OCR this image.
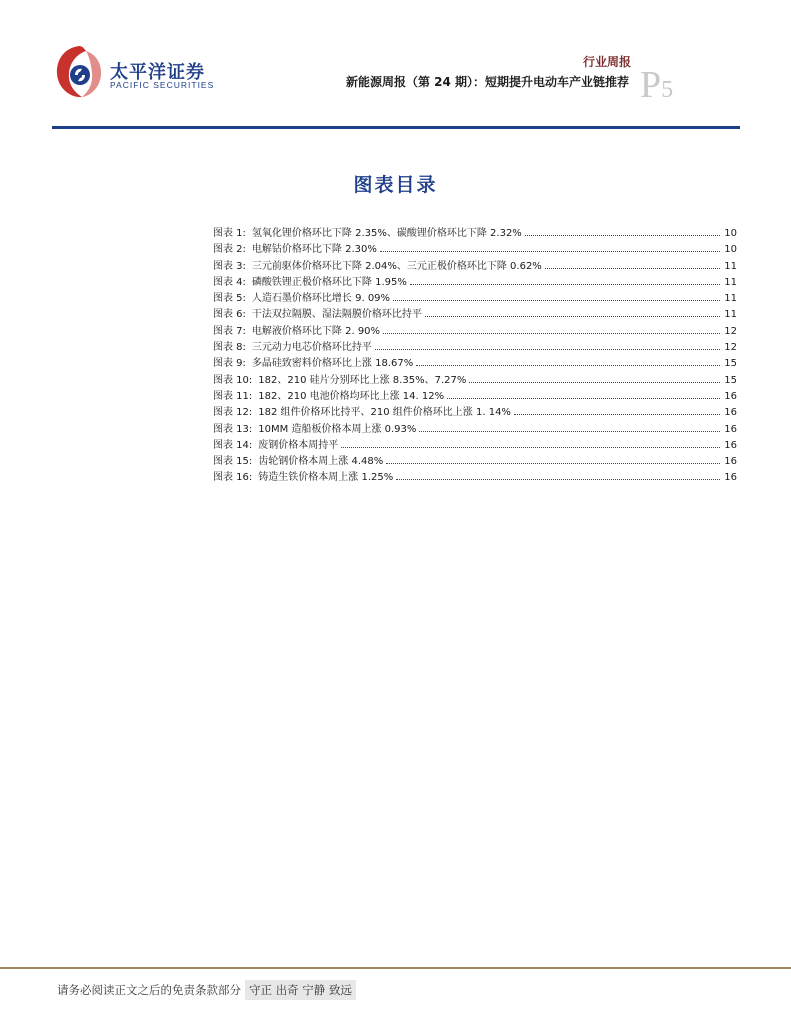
太平洋证券
PACIFIC SECURITIES
行业周报
新能源周报（第 24 期）：短期提升电动车产业链推荐 P5
图表目录
图表 1: 氢氧化锂价格环比下降 2.35%、碳酸锂价格环比下降 2.32%	10
图表 2: 电解钴价格环比下降 2.30%	10
图表 3: 三元前驱体价格环比下降 2.04%、三元正极价格环比下降 0.62%	11
图表 4: 磷酸铁锂正极价格环比下降 1.95%	11
图表 5: 人造石墨价格环比增长 9. 09%	11
图表 6: 干法双拉隔膜、湿法隔膜价格环比持平	11
图表 7: 电解液价格环比下降 2. 90%	12
图表 8: 三元动力电芯价格环比持平	12
图表 9: 多晶硅致密料价格环比上涨 18.67%	15
图表 10: 182、210 硅片分别环比上涨 8.35%、7.27%	15
图表 11: 182、210 电池价格均环比上涨 14. 12%	16
图表 12: 182 组件价格环比持平、210 组件价格环比上涨 1. 14%	16
图表 13: 10MM 造船板价格本周上涨 0.93%	16
图表 14: 废钢价格本周持平	16
图表 15: 齿轮钢价格本周上涨 4.48%	16
图表 16: 铸造生铁价格本周上涨 1.25%	16
请务必阅读正文之后的免责条款部分 守正 出奇 宁静 致远
